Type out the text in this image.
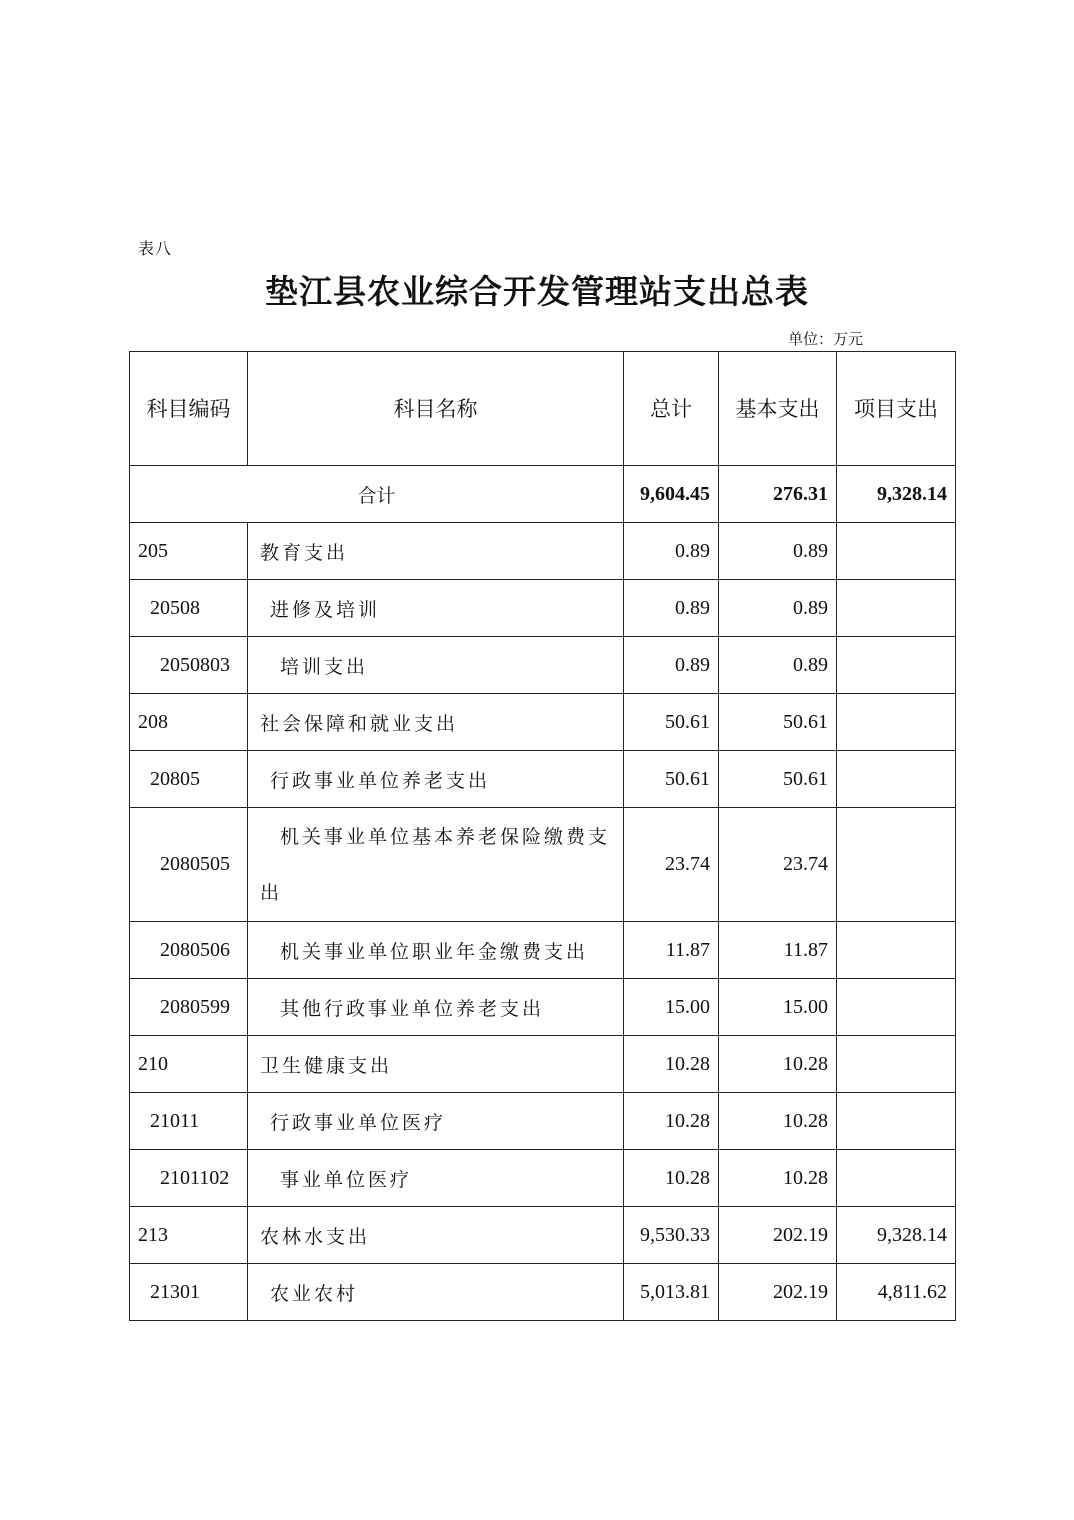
表八
垫江县农业综合开发管理站支出总表
单位：万元
科目编码	科目名称	总计	基本支出	项目支出
合计		9,604.45	276.31	9,328.14
205	教育支出	0.89	0.89	
20508	进修及培训	0.89	0.89	
2050803	培训支出	0.89	0.89	
208	社会保障和就业支出	50.61	50.61	
20805	行政事业单位养老支出	50.61	50.61	
2080505	机关事业单位基本养老保险缴费支出	23.74	23.74	
2080506	机关事业单位职业年金缴费支出	11.87	11.87	
2080599	其他行政事业单位养老支出	15.00	15.00	
210	卫生健康支出	10.28	10.28	
21011	行政事业单位医疗	10.28	10.28	
2101102	事业单位医疗	10.28	10.28	
213	农林水支出	9,530.33	202.19	9,328.14
21301	农业农村	5,013.81	202.19	4,811.62
